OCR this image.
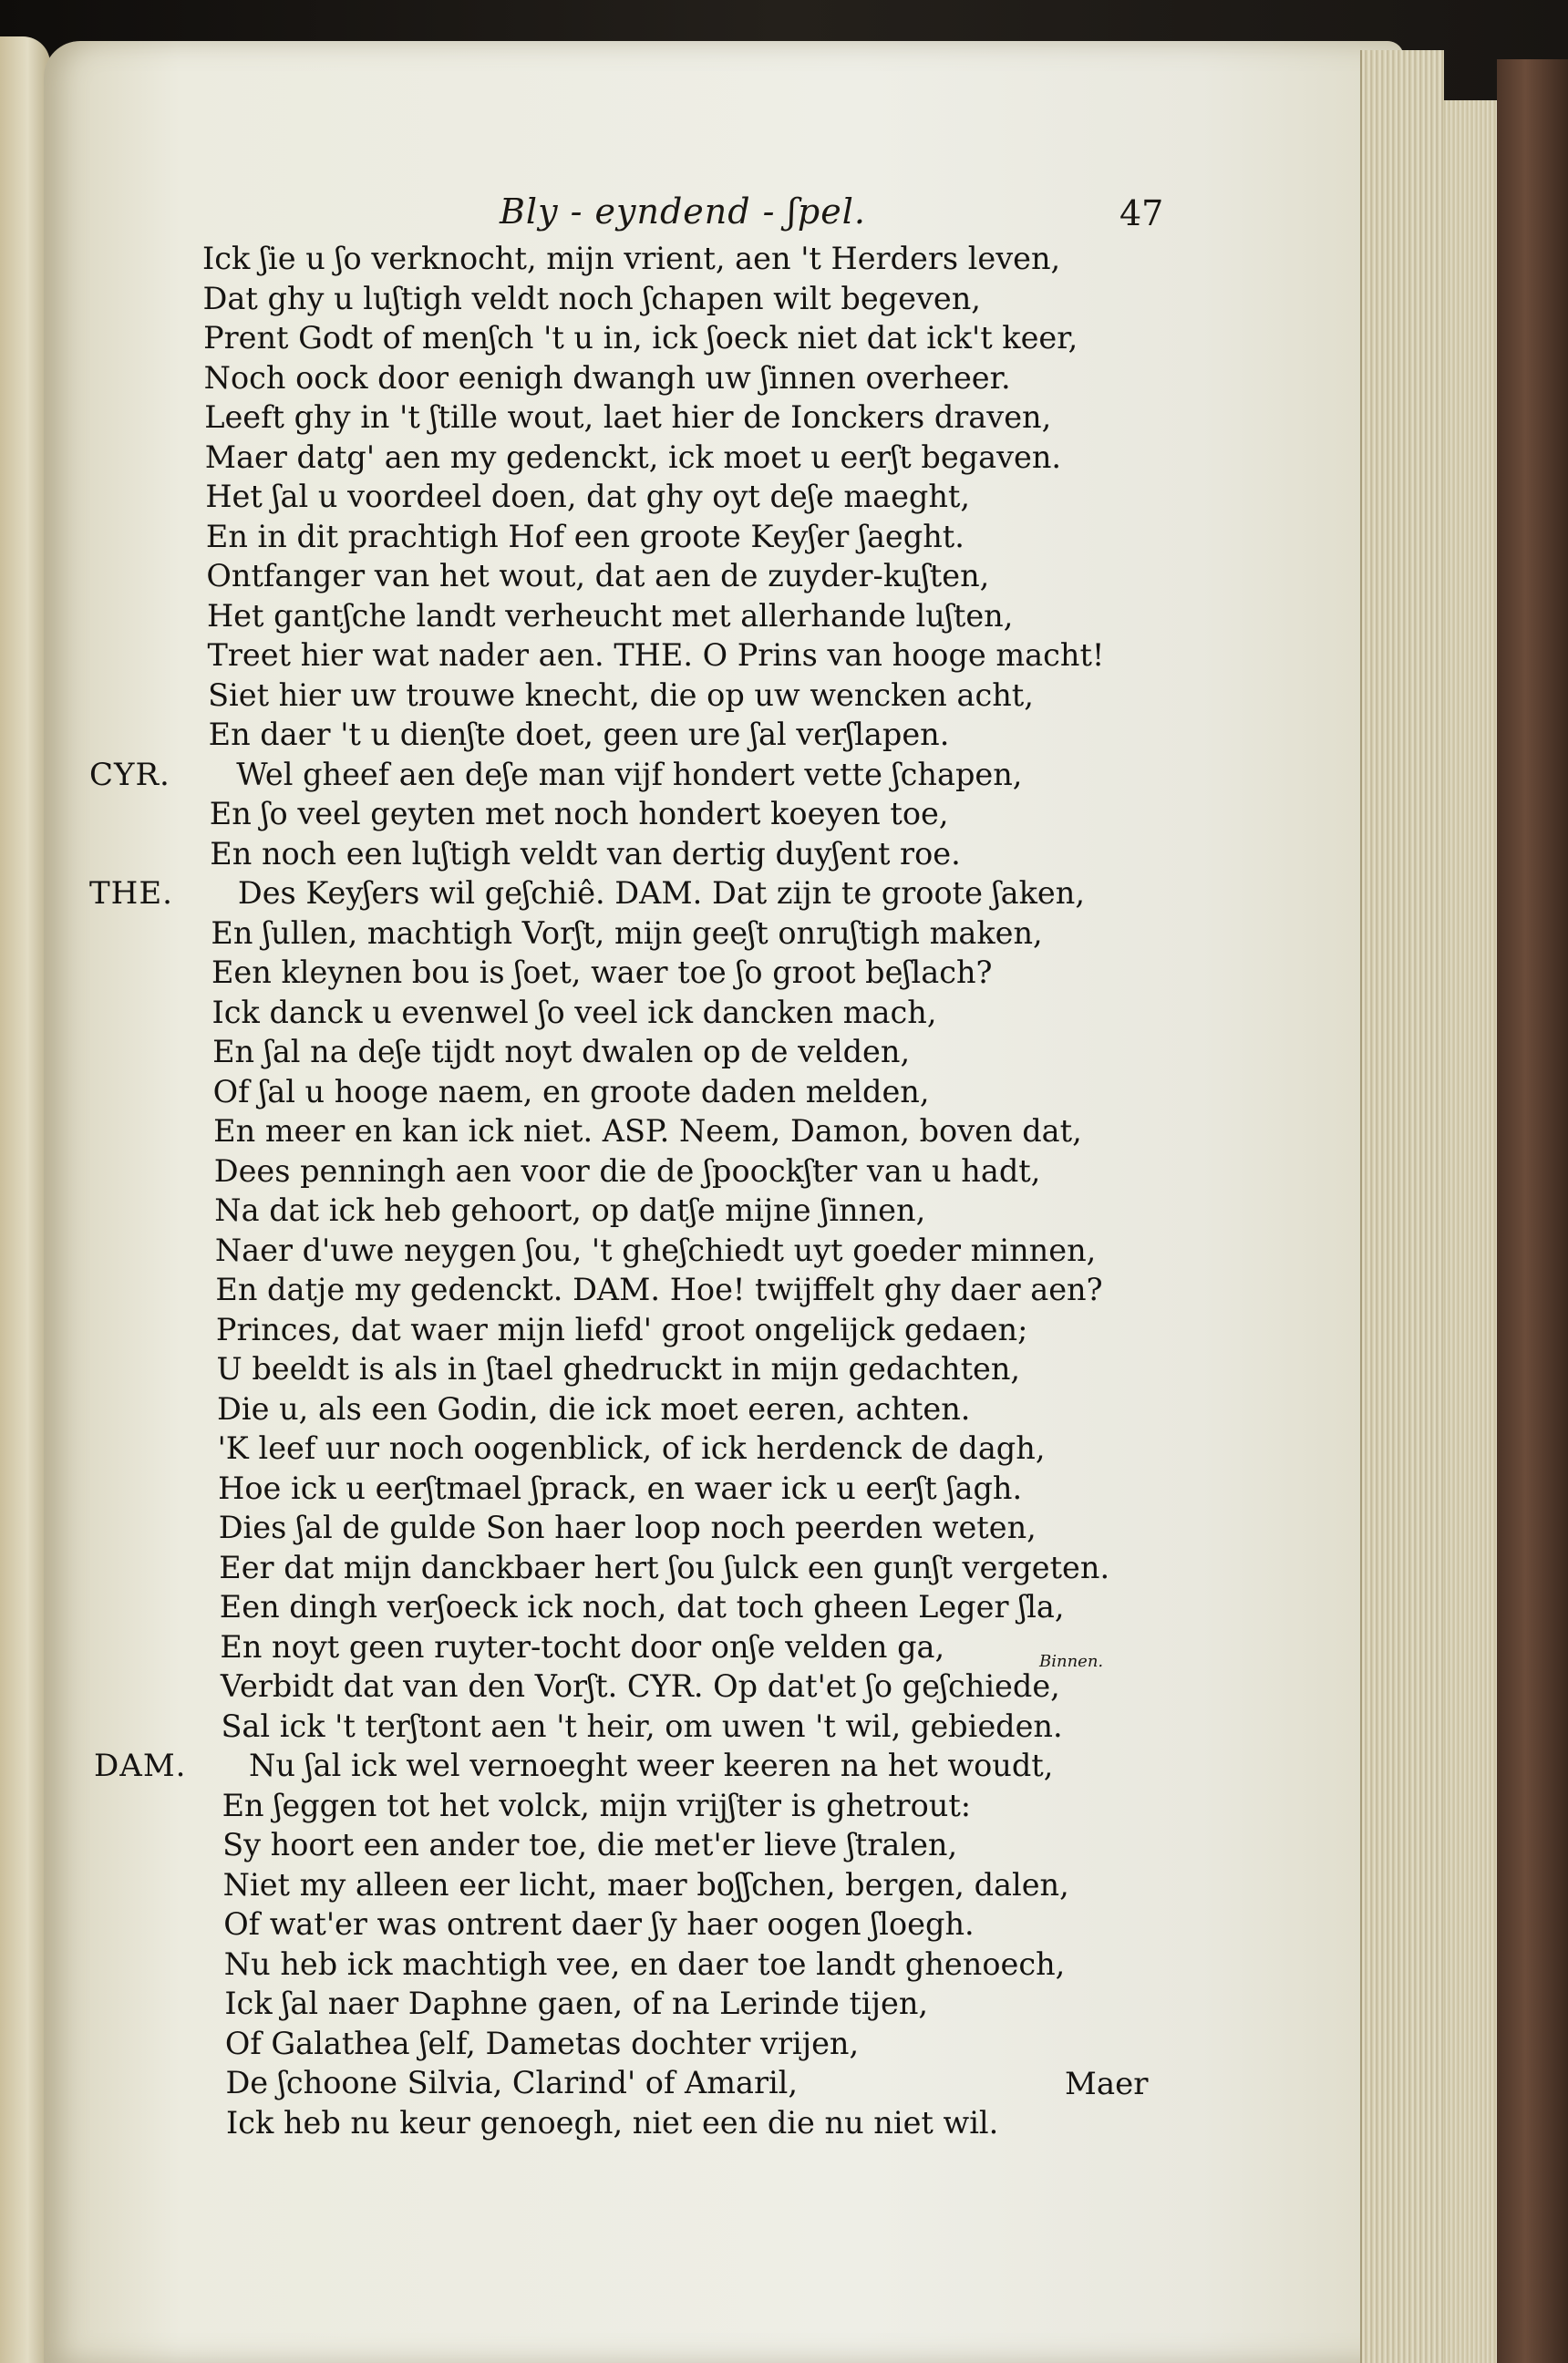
Bly - eyndend - ʃpel.	47
Ick ʃie u ʃo verknocht, mijn vrient, aen 't Herders leven,
Dat ghy u luʃtigh veldt noch ʃchapen wilt begeven,
Prent Godt of menʃch 't u in, ick ʃoeck niet dat ick't keer,
Noch oock door eenigh dwangh uw ʃinnen overheer.
Leeft ghy in 't ʃtille wout, laet hier de Ionckers draven,
Maer datg' aen my gedenckt, ick moet u eerʃt begaven.
Het ʃal u voordeel doen, dat ghy oyt deʃe maeght,
En in dit prachtigh Hof een groote Keyʃer ʃaeght.
Ontfanger van het wout, dat aen de zuyder-kuʃten,
Het gantʃche landt verheucht met allerhande luʃten,
Treet hier wat nader aen. THE. O Prins van hooge macht!
Siet hier uw trouwe knecht, die op uw wencken acht,
En daer 't u dienʃte doet, geen ure ʃal verʃlapen.
CYR. Wel gheef aen deʃe man vijf hondert vette ʃchapen,
En ʃo veel geyten met noch hondert koeyen toe,
En noch een luʃtigh veldt van dertig duyʃent roe.
THE. Des Keyʃers wil geʃchiê. DAM. Dat zijn te groote ʃaken,
En ʃullen, machtigh Vorʃt, mijn geeʃt onruʃtigh maken,
Een kleynen bou is ʃoet, waer toe ʃo groot beʃlach?
Ick danck u evenwel ʃo veel ick dancken mach,
En ʃal na deʃe tijdt noyt dwalen op de velden,
Of ʃal u hooge naem, en groote daden melden,
En meer en kan ick niet. ASP. Neem, Damon, boven dat,
Dees penningh aen voor die de ʃpoockʃter van u hadt,
Na dat ick heb gehoort, op datʃe mijne ʃinnen,
Naer d'uwe neygen ʃou, 't gheʃchiedt uyt goeder minnen,
En datje my gedenckt. DAM. Hoe! twijffelt ghy daer aen?
Princes, dat waer mijn liefd' groot ongelijck gedaen;
U beeldt is als in ʃtael ghedruckt in mijn gedachten,
Die u, als een Godin, die ick moet eeren, achten.
'K leef uur noch oogenblick, of ick herdenck de dagh,
Hoe ick u eerʃtmael ʃprack, en waer ick u eerʃt ʃagh.
Dies ʃal de gulde Son haer loop noch peerden weten,
Eer dat mijn danckbaer hert ʃou ʃulck een gunʃt vergeten.
Een dingh verʃoeck ick noch, dat toch gheen Leger ʃla,
En noyt geen ruyter-tocht door onʃe velden ga,
Verbidt dat van den Vorʃt. CYR. Op dat'et ʃo geʃchiede,
Sal ick 't terʃtont aen 't heir, om uwen 't wil, gebieden.
DAM. Nu ʃal ick wel vernoeght weer keeren na het woudt,
En ʃeggen tot het volck, mijn vrijʃter is ghetrout:
Sy hoort een ander toe, die met'er lieve ʃtralen,
Niet my alleen eer licht, maer boʃʃchen, bergen, dalen,
Of wat'er was ontrent daer ʃy haer oogen ʃloegh.
Nu heb ick machtigh vee, en daer toe landt ghenoech,
Ick ʃal naer Daphne gaen, of na Lerinde tijen,
Of Galathea ʃelf, Dametas dochter vrijen,
De ʃchoone Silvia, Clarind' of Amaril,
Ick heb nu keur genoegh, niet een die nu niet wil.
Binnen.
Maer
